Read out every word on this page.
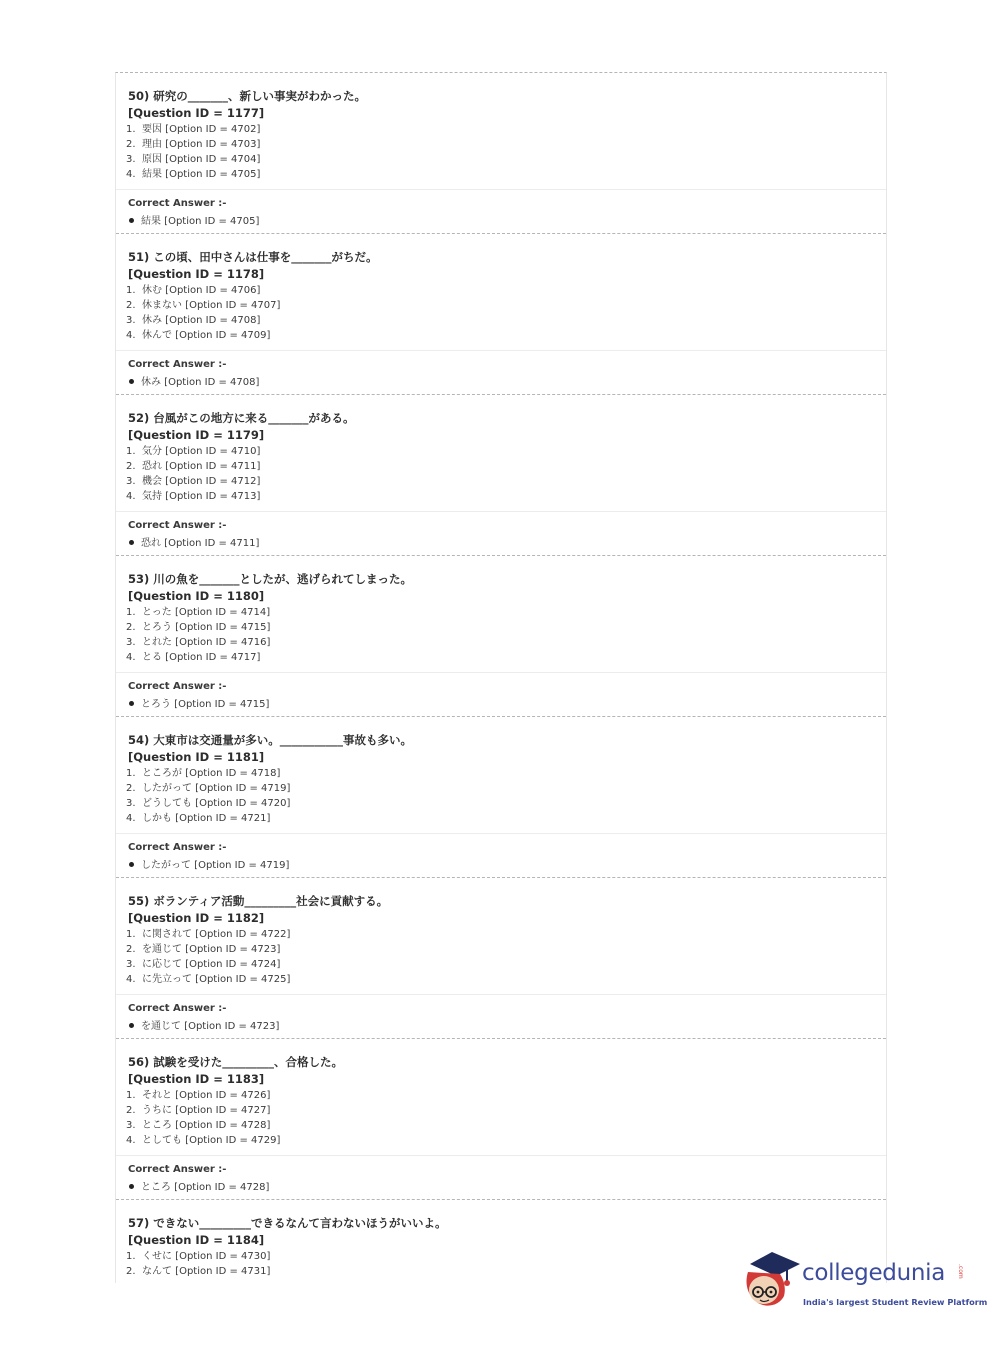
50) 研究の_______、新しい事実がわかった。
[Question ID = 1177]
1. 要因 [Option ID = 4702]
2. 理由 [Option ID = 4703]
3. 原因 [Option ID = 4704]
4. 結果 [Option ID = 4705]
Correct Answer :-
結果 [Option ID = 4705]
51) この頃、田中さんは仕事を_______がちだ。
[Question ID = 1178]
1. 休む [Option ID = 4706]
2. 休まない [Option ID = 4707]
3. 休み [Option ID = 4708]
4. 休んで [Option ID = 4709]
Correct Answer :-
休み [Option ID = 4708]
52) 台風がこの地方に来る_______がある。
[Question ID = 1179]
1. 気分 [Option ID = 4710]
2. 恐れ [Option ID = 4711]
3. 機会 [Option ID = 4712]
4. 気持 [Option ID = 4713]
Correct Answer :-
恐れ [Option ID = 4711]
53) 川の魚を_______としたが、逃げられてしまった。
[Question ID = 1180]
1. とった [Option ID = 4714]
2. とろう [Option ID = 4715]
3. とれた [Option ID = 4716]
4. とる [Option ID = 4717]
Correct Answer :-
とろう [Option ID = 4715]
54) 大東市は交通量が多い。___________事故も多い。
[Question ID = 1181]
1. ところが [Option ID = 4718]
2. したがって [Option ID = 4719]
3. どうしても [Option ID = 4720]
4. しかも [Option ID = 4721]
Correct Answer :-
したがって [Option ID = 4719]
55) ボランティア活動_________社会に貢献する。
[Question ID = 1182]
1. に関されて [Option ID = 4722]
2. を通じて [Option ID = 4723]
3. に応じて [Option ID = 4724]
4. に先立って [Option ID = 4725]
Correct Answer :-
を通じて [Option ID = 4723]
56) 試験を受けた_________、合格した。
[Question ID = 1183]
1. それと [Option ID = 4726]
2. うちに [Option ID = 4727]
3. ところ [Option ID = 4728]
4. としても [Option ID = 4729]
Correct Answer :-
ところ [Option ID = 4728]
57) できない_________できるなんて言わないほうがいいよ。
[Question ID = 1184]
1. くせに [Option ID = 4730]
2. なんて [Option ID = 4731]	collegedunia .com
India's largest Student Review Platform
